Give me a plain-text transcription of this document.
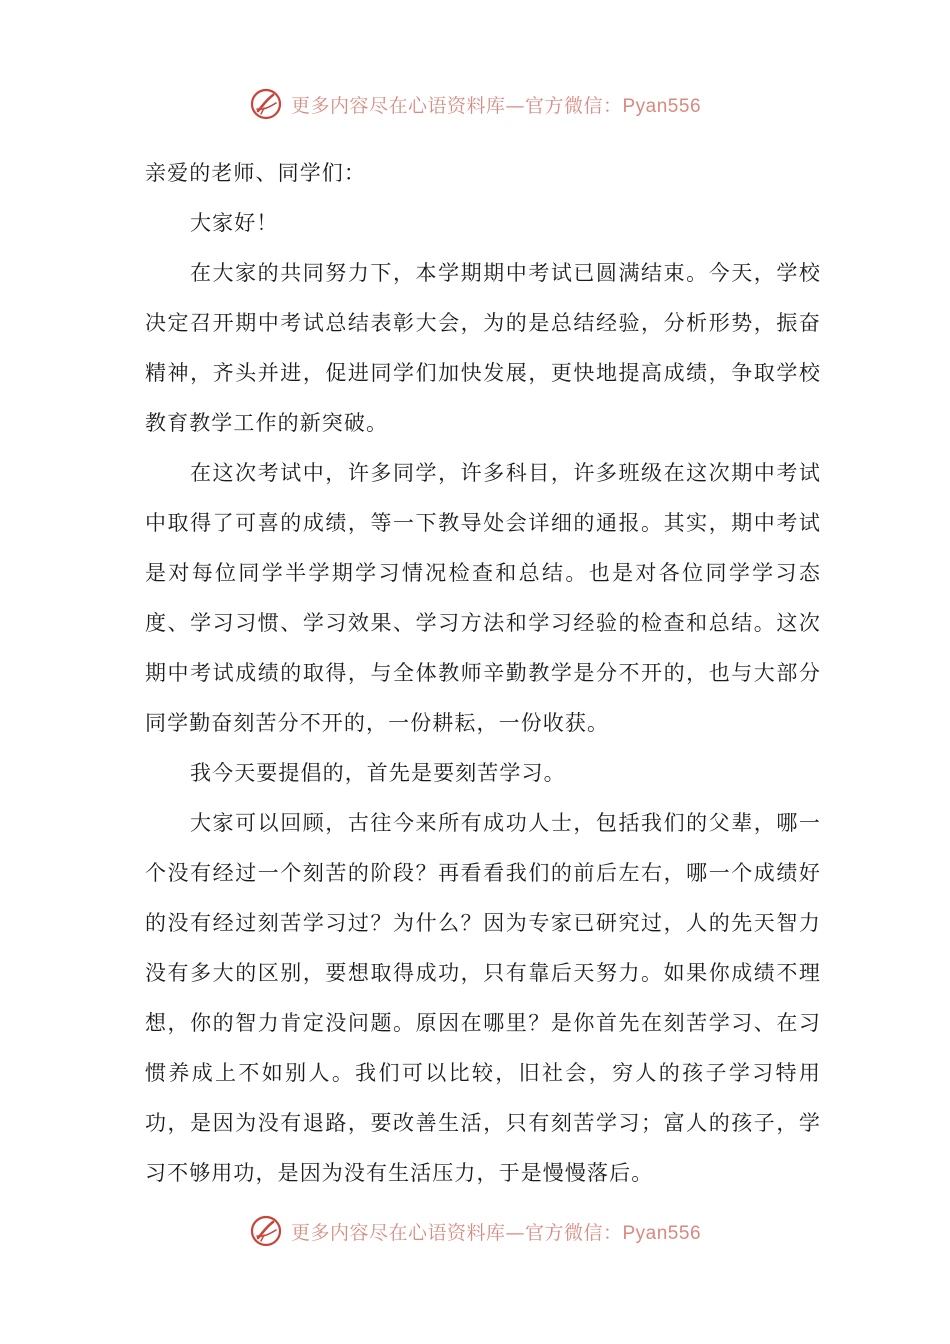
更多内容尽在心语资料库—官方微信：Pyan556

亲爱的老师、同学们：

大家好！

在大家的共同努力下，本学期期中考试已圆满结束。今天，学校决定召开期中考试总结表彰大会，为的是总结经验，分析形势，振奋精神，齐头并进，促进同学们加快发展，更快地提高成绩，争取学校教育教学工作的新突破。

在这次考试中，许多同学，许多科目，许多班级在这次期中考试中取得了可喜的成绩，等一下教导处会详细的通报。其实，期中考试是对每位同学半学期学习情况检查和总结。也是对各位同学学习态度、学习习惯、学习效果、学习方法和学习经验的检查和总结。这次期中考试成绩的取得，与全体教师辛勤教学是分不开的，也与大部分同学勤奋刻苦分不开的，一份耕耘，一份收获。

我今天要提倡的，首先是要刻苦学习。

大家可以回顾，古往今来所有成功人士，包括我们的父辈，哪一个没有经过一个刻苦的阶段？再看看我们的前后左右，哪一个成绩好的没有经过刻苦学习过？为什么？因为专家已研究过，人的先天智力没有多大的区别，要想取得成功，只有靠后天努力。如果你成绩不理想，你的智力肯定没问题。原因在哪里？是你首先在刻苦学习、在习惯养成上不如别人。我们可以比较，旧社会，穷人的孩子学习特用功，是因为没有退路，要改善生活，只有刻苦学习；富人的孩子，学习不够用功，是因为没有生活压力，于是慢慢落后。

更多内容尽在心语资料库—官方微信：Pyan556
